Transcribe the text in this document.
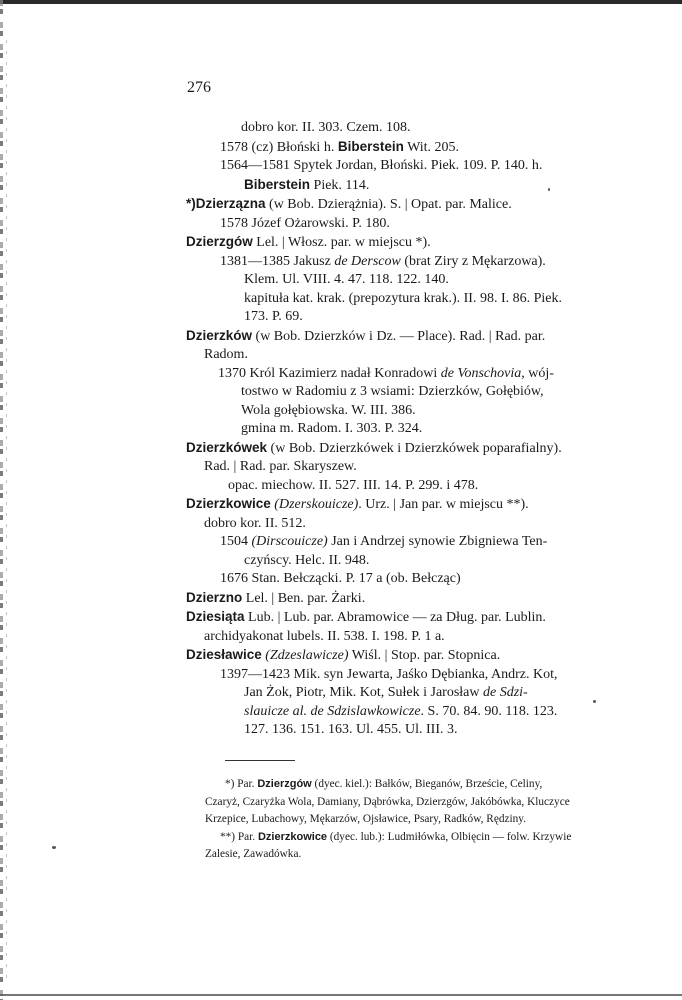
276
dobro kor. II. 303. Czem. 108.
1578 (cz) Błoński h. Biberstein Wit. 205.
1564—1581 Spytek Jordan, Błoński. Piek. 109. P. 140. h.
Biberstein Piek. 114.
*)Dzierzązna (w Bob. Dzierążnia). S. | Opat. par. Malice.
1578 Józef Ożarowski. P. 180.
Dzierzgów Lel. | Włosz. par. w miejscu *).
1381—1385 Jakusz de Derscow (brat Ziry z Mękarzowa).
Klem. Ul. VIII. 4. 47. 118. 122. 140.
kapituła kat. krak. (prepozytura krak.). II. 98. I. 86. Piek.
173. P. 69.
Dzierzków (w Bob. Dzierzków i Dz. — Place). Rad. | Rad. par.
Radom.
1370 Król Kazimierz nadał Konradowi de Vonschovia, wój-
tostwo w Radomiu z 3 wsiami: Dzierzków, Gołębiów,
Wola gołębiowska. W. III. 386.
gmina m. Radom. I. 303. P. 324.
Dzierzkówek (w Bob. Dzierzkówek i Dzierzkówek poparafialny).
Rad. | Rad. par. Skaryszew.
opac. miechow. II. 527. III. 14. P. 299. i 478.
Dzierzkowice (Dzerskouicze). Urz. | Jan par. w miejscu **).
dobro kor. II. 512.
1504 (Dirscouicze) Jan i Andrzej synowie Zbigniewa Ten-
czyńscy. Helc. II. 948.
1676 Stan. Bełczącki. P. 17 a (ob. Bełcząc)
Dzierzno Lel. | Ben. par. Żarki.
Dziesiąta Lub. | Lub. par. Abramowice — za Dług. par. Lublin.
archidyakonat lubels. II. 538. I. 198. P. 1 a.
Dziesławice (Zdzeslawicze) Wiśl. | Stop. par. Stopnica.
1397—1423 Mik. syn Jewarta, Jaśko Dębianka, Andrz. Kot,
Jan Żok, Piotr, Mik. Kot, Sułek i Jarosław de Sdzi-
slauicze al. de Sdzislawkowicze. S. 70. 84. 90. 118. 123.
127. 136. 151. 163. Ul. 455. Ul. III. 3.
*) Par. Dzierzgów (dyec. kiel.): Bałków, Bieganów, Brzeście, Celiny,
Czaryż, Czaryżka Wola, Damiany, Dąbrówka, Dzierzgów, Jakóbówka, Kluczyce
Krzepice, Lubachowy, Mękarzów, Ojsławice, Psary, Radków, Rędziny.
**) Par. Dzierzkowice (dyec. lub.): Ludmiłówka, Olbięcin — folw. Krzywie
Zalesie, Zawadówka.
